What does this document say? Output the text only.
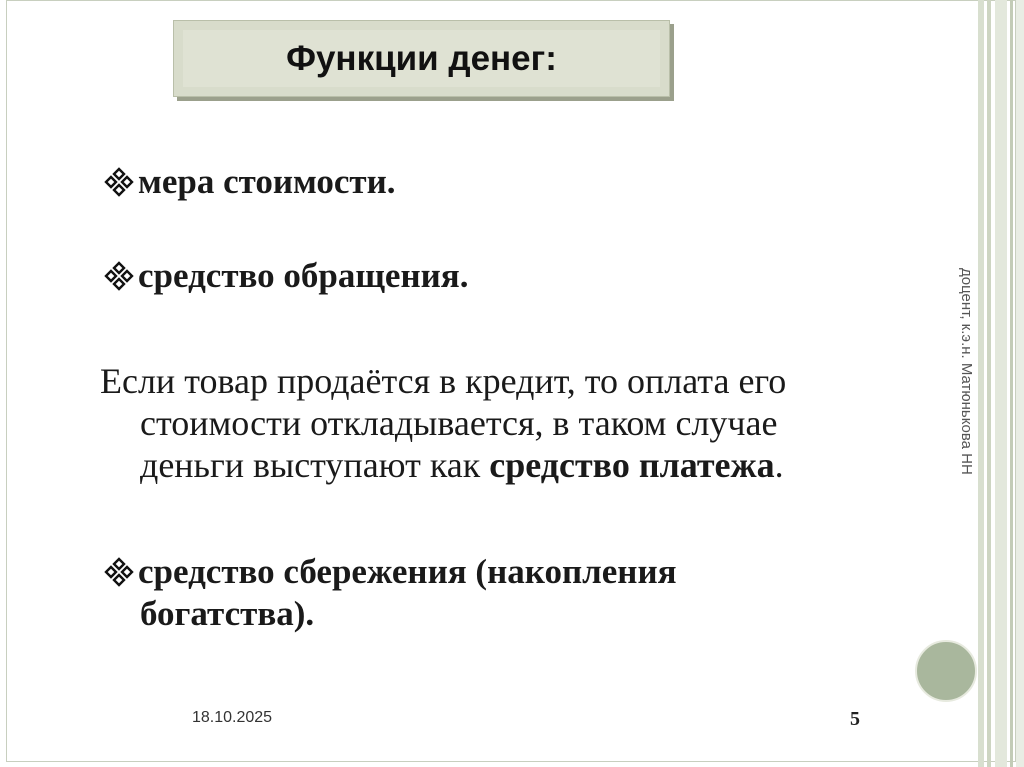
Функции денег:
мера стоимости.
средство обращения.
Если товар продаётся в кредит, то оплата его
стоимости откладывается, в таком случае
деньги выступают как средство платежа.
средство сбережения (накопления
богатства).
доцент, к.э.н. Матюнькова НН
18.10.2025	5
